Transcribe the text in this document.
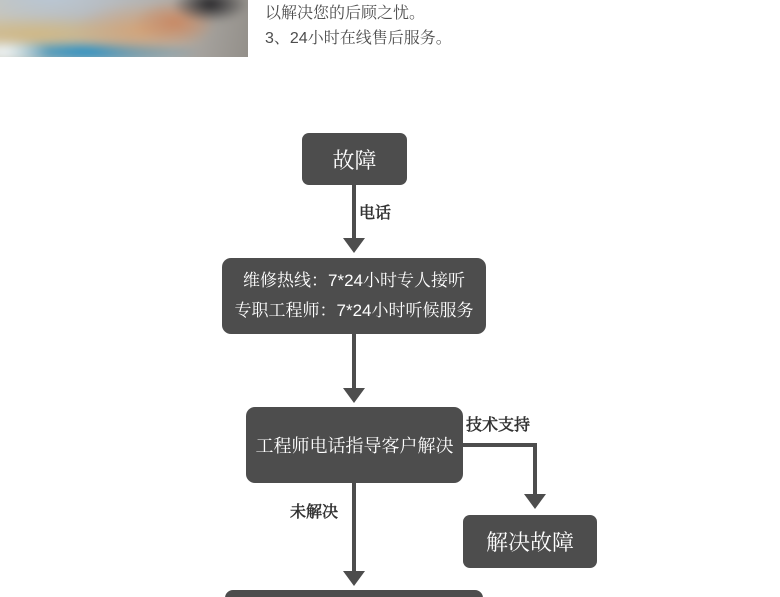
以解决您的后顾之忧。

3、24小时在线售后服务。

故障
电话
维修热线：7*24小时专人接听
专职工程师：7*24小时听候服务
工程师电话指导客户解决
技术支持
解决故障
未解决
